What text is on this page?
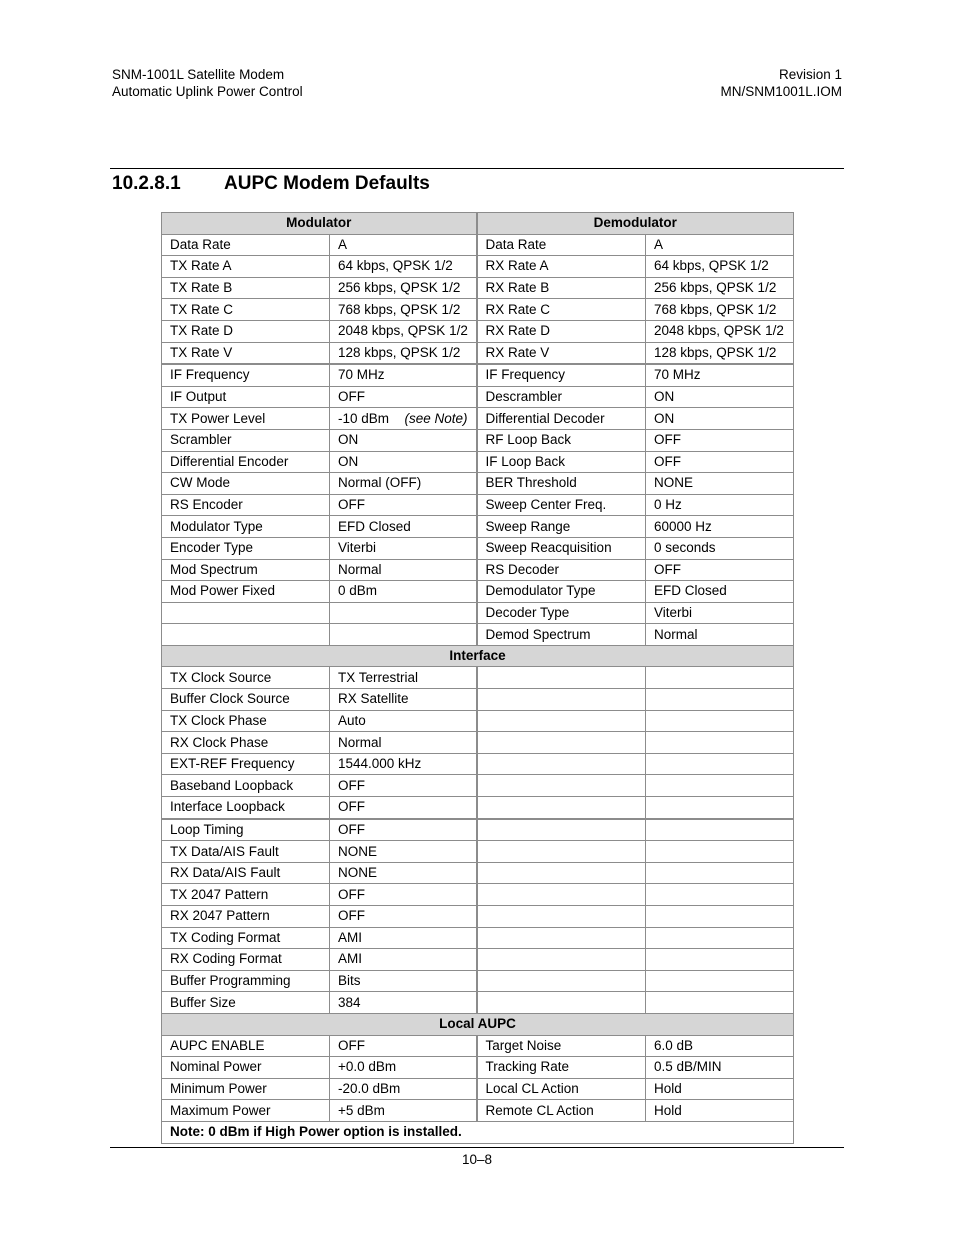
SNM-1001L Satellite Modem
Automatic Uplink Power Control
Revision 1
MN/SNM1001L.IOM
10.2.8.1 AUPC Modem Defaults
Modulator		Demodulator	
Data Rate	A	Data Rate	A
TX Rate A	64 kbps, QPSK 1/2	RX Rate A	64 kbps, QPSK 1/2
TX Rate B	256 kbps, QPSK 1/2	RX Rate B	256 kbps, QPSK 1/2
TX Rate C	768 kbps, QPSK 1/2	RX Rate C	768 kbps, QPSK 1/2
TX Rate D	2048 kbps, QPSK 1/2	RX Rate D	2048 kbps, QPSK 1/2
TX Rate V	128 kbps, QPSK 1/2	RX Rate V	128 kbps, QPSK 1/2
IF Frequency	70 MHz	IF Frequency	70 MHz
IF Output	OFF	Descrambler	ON
TX Power Level	-10 dBm (see Note)	Differential Decoder	ON
Scrambler	ON	RF Loop Back	OFF
Differential Encoder	ON	IF Loop Back	OFF
CW Mode	Normal (OFF)	BER Threshold	NONE
RS Encoder	OFF	Sweep Center Freq.	0 Hz
Modulator Type	EFD Closed	Sweep Range	60000 Hz
Encoder Type	Viterbi	Sweep Reacquisition	0 seconds
Mod Spectrum	Normal	RS Decoder	OFF
Mod Power Fixed	0 dBm	Demodulator Type	EFD Closed
		Decoder Type	Viterbi
		Demod Spectrum	Normal
Interface			
TX Clock Source	TX Terrestrial		
Buffer Clock Source	RX Satellite		
TX Clock Phase	Auto		
RX Clock Phase	Normal		
EXT-REF Frequency	1544.000 kHz		
Baseband Loopback	OFF		
Interface Loopback	OFF		
Loop Timing	OFF		
TX Data/AIS Fault	NONE		
RX Data/AIS Fault	NONE		
TX 2047 Pattern	OFF		
RX 2047 Pattern	OFF		
TX Coding Format	AMI		
RX Coding Format	AMI		
Buffer Programming	Bits		
Buffer Size	384		
Local AUPC			
AUPC ENABLE	OFF	Target Noise	6.0 dB
Nominal Power	+0.0 dBm	Tracking Rate	0.5 dB/MIN
Minimum Power	-20.0 dBm	Local CL Action	Hold
Maximum Power	+5 dBm	Remote CL Action	Hold
Note: 0 dBm if High Power option is installed.			
10–8
